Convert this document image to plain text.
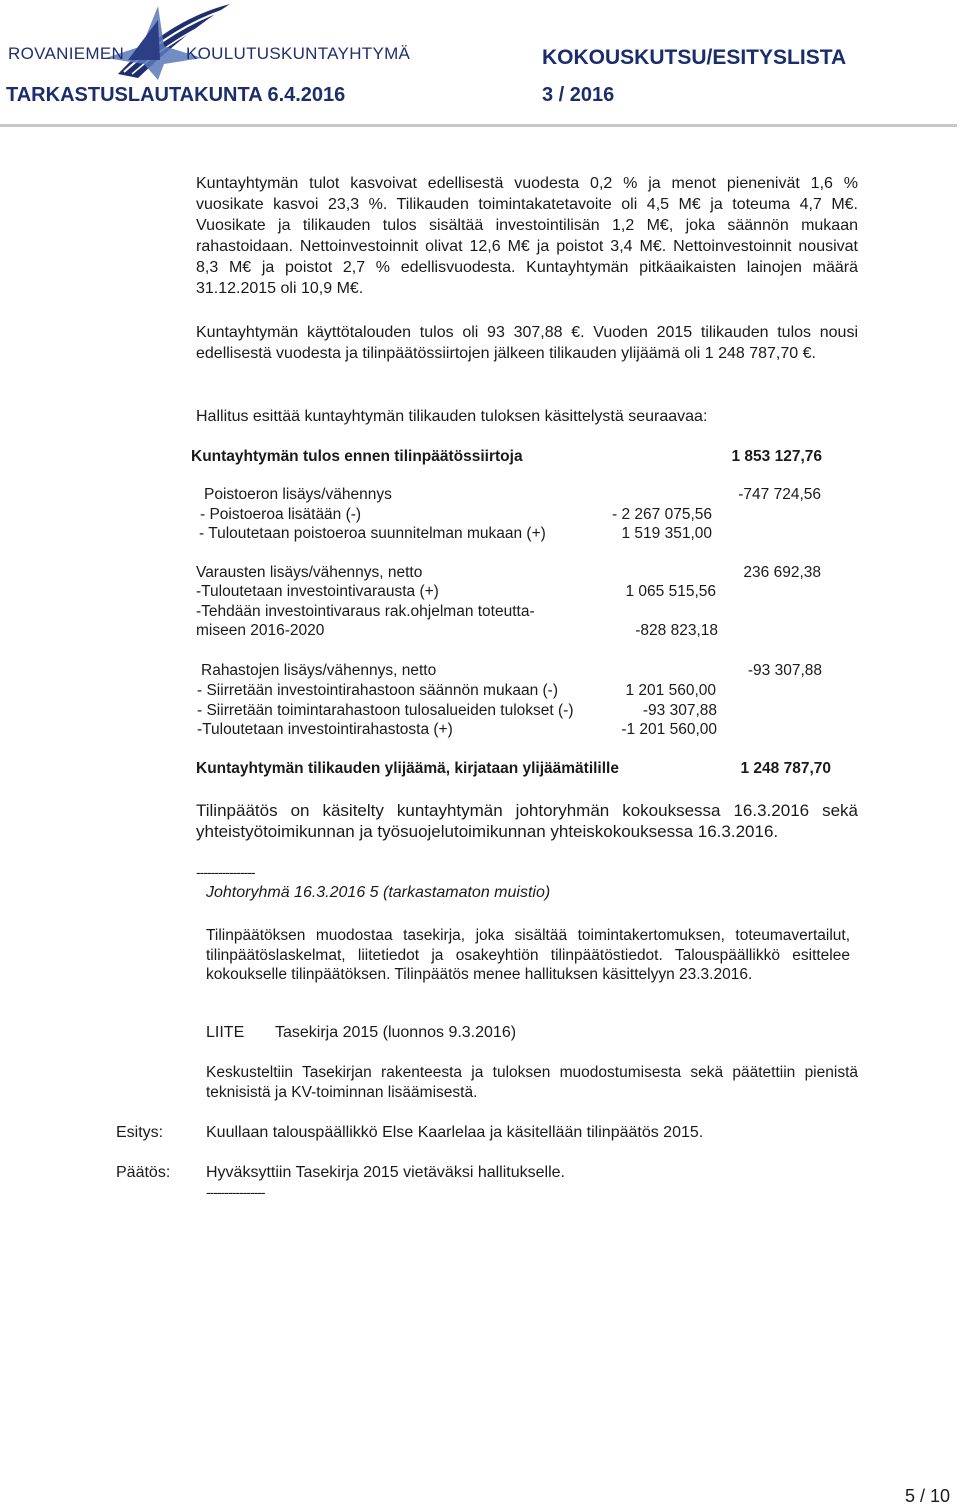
ROVANIEMEN	KOULUTUSKUNTAYHTYMÄ	KOKOUSKUTSU/ESITYSLISTA
TARKASTUSLAUTAKUNTA 6.4.2016	3 / 2016

Kuntayhtymän tulot kasvoivat edellisestä vuodesta 0,2 % ja menot pienenivät 1,6 % vuosikate kasvoi 23,3 %. Tilikauden toimintakatetavoite oli 4,5 M€ ja toteuma 4,7 M€. Vuosikate ja tilikauden tulos sisältää investointilisän 1,2 M€, joka säännön mukaan rahastoidaan. Nettoinvestoinnit olivat 12,6 M€ ja poistot 3,4 M€. Nettoinvestoinnit nousivat 8,3 M€ ja poistot 2,7 % edellisvuodesta. Kuntayhtymän pitkäaikaisten lainojen määrä 31.12.2015 oli 10,9 M€.

Kuntayhtymän käyttötalouden tulos oli 93 307,88 €. Vuoden 2015 tilikauden tulos nousi edellisestä vuodesta ja tilinpäätössiirtojen jälkeen tilikauden ylijäämä oli 1 248 787,70 €.

Hallitus esittää kuntayhtymän tilikauden tuloksen käsittelystä seuraavaa:

Kuntayhtymän tulos ennen tilinpäätössiirtoja	1 853 127,76
Poistoeron lisäys/vähennys	-747 724,56
- Poistoeroa lisätään (-)	- 2 267 075,56
- Tuloutetaan poistoeroa suunnitelman mukaan (+)	1 519 351,00
Varausten lisäys/vähennys, netto	236 692,38
-Tuloutetaan investointivarausta (+)	1 065 515,56
-Tehdään investointivaraus rak.ohjelman toteutta-
miseen 2016-2020	-828 823,18
Rahastojen lisäys/vähennys, netto	-93 307,88
- Siirretään investointirahastoon säännön mukaan (-)	1 201 560,00
- Siirretään toimintarahastoon tulosalueiden tulokset (-)	-93 307,88
-Tuloutetaan investointirahastosta (+)	-1 201 560,00
Kuntayhtymän tilikauden ylijäämä, kirjataan ylijäämätilille	1 248 787,70

Tilinpäätös on käsitelty kuntayhtymän johtoryhmän kokouksessa 16.3.2016 sekä yhteistyötoimikunnan ja työsuojelutoimikunnan yhteiskokouksessa 16.3.2016.

----------------
Johtoryhmä 16.3.2016 5 (tarkastamaton muistio)

Tilinpäätöksen muodostaa tasekirja, joka sisältää toimintakertomuksen, toteumavertailut, tilinpäätöslaskelmat, liitetiedot ja osakeyhtiön tilinpäätöstiedot. Talouspäällikkö esittelee kokoukselle tilinpäätöksen. Tilinpäätös menee hallituksen käsittelyyn 23.3.2016.

LIITE Tasekirja 2015 (luonnos 9.3.2016)

Keskusteltiin Tasekirjan rakenteesta ja tuloksen muodostumisesta sekä päätettiin pienistä teknisistä ja KV-toiminnan lisäämisestä.

Esitys:	Kuullaan talouspäällikkö Else Kaarlelaa ja käsitellään tilinpäätös 2015.
Päätös: Hyväksyttiin Tasekirja 2015 vietäväksi hallitukselle.
----------------
5 / 10
